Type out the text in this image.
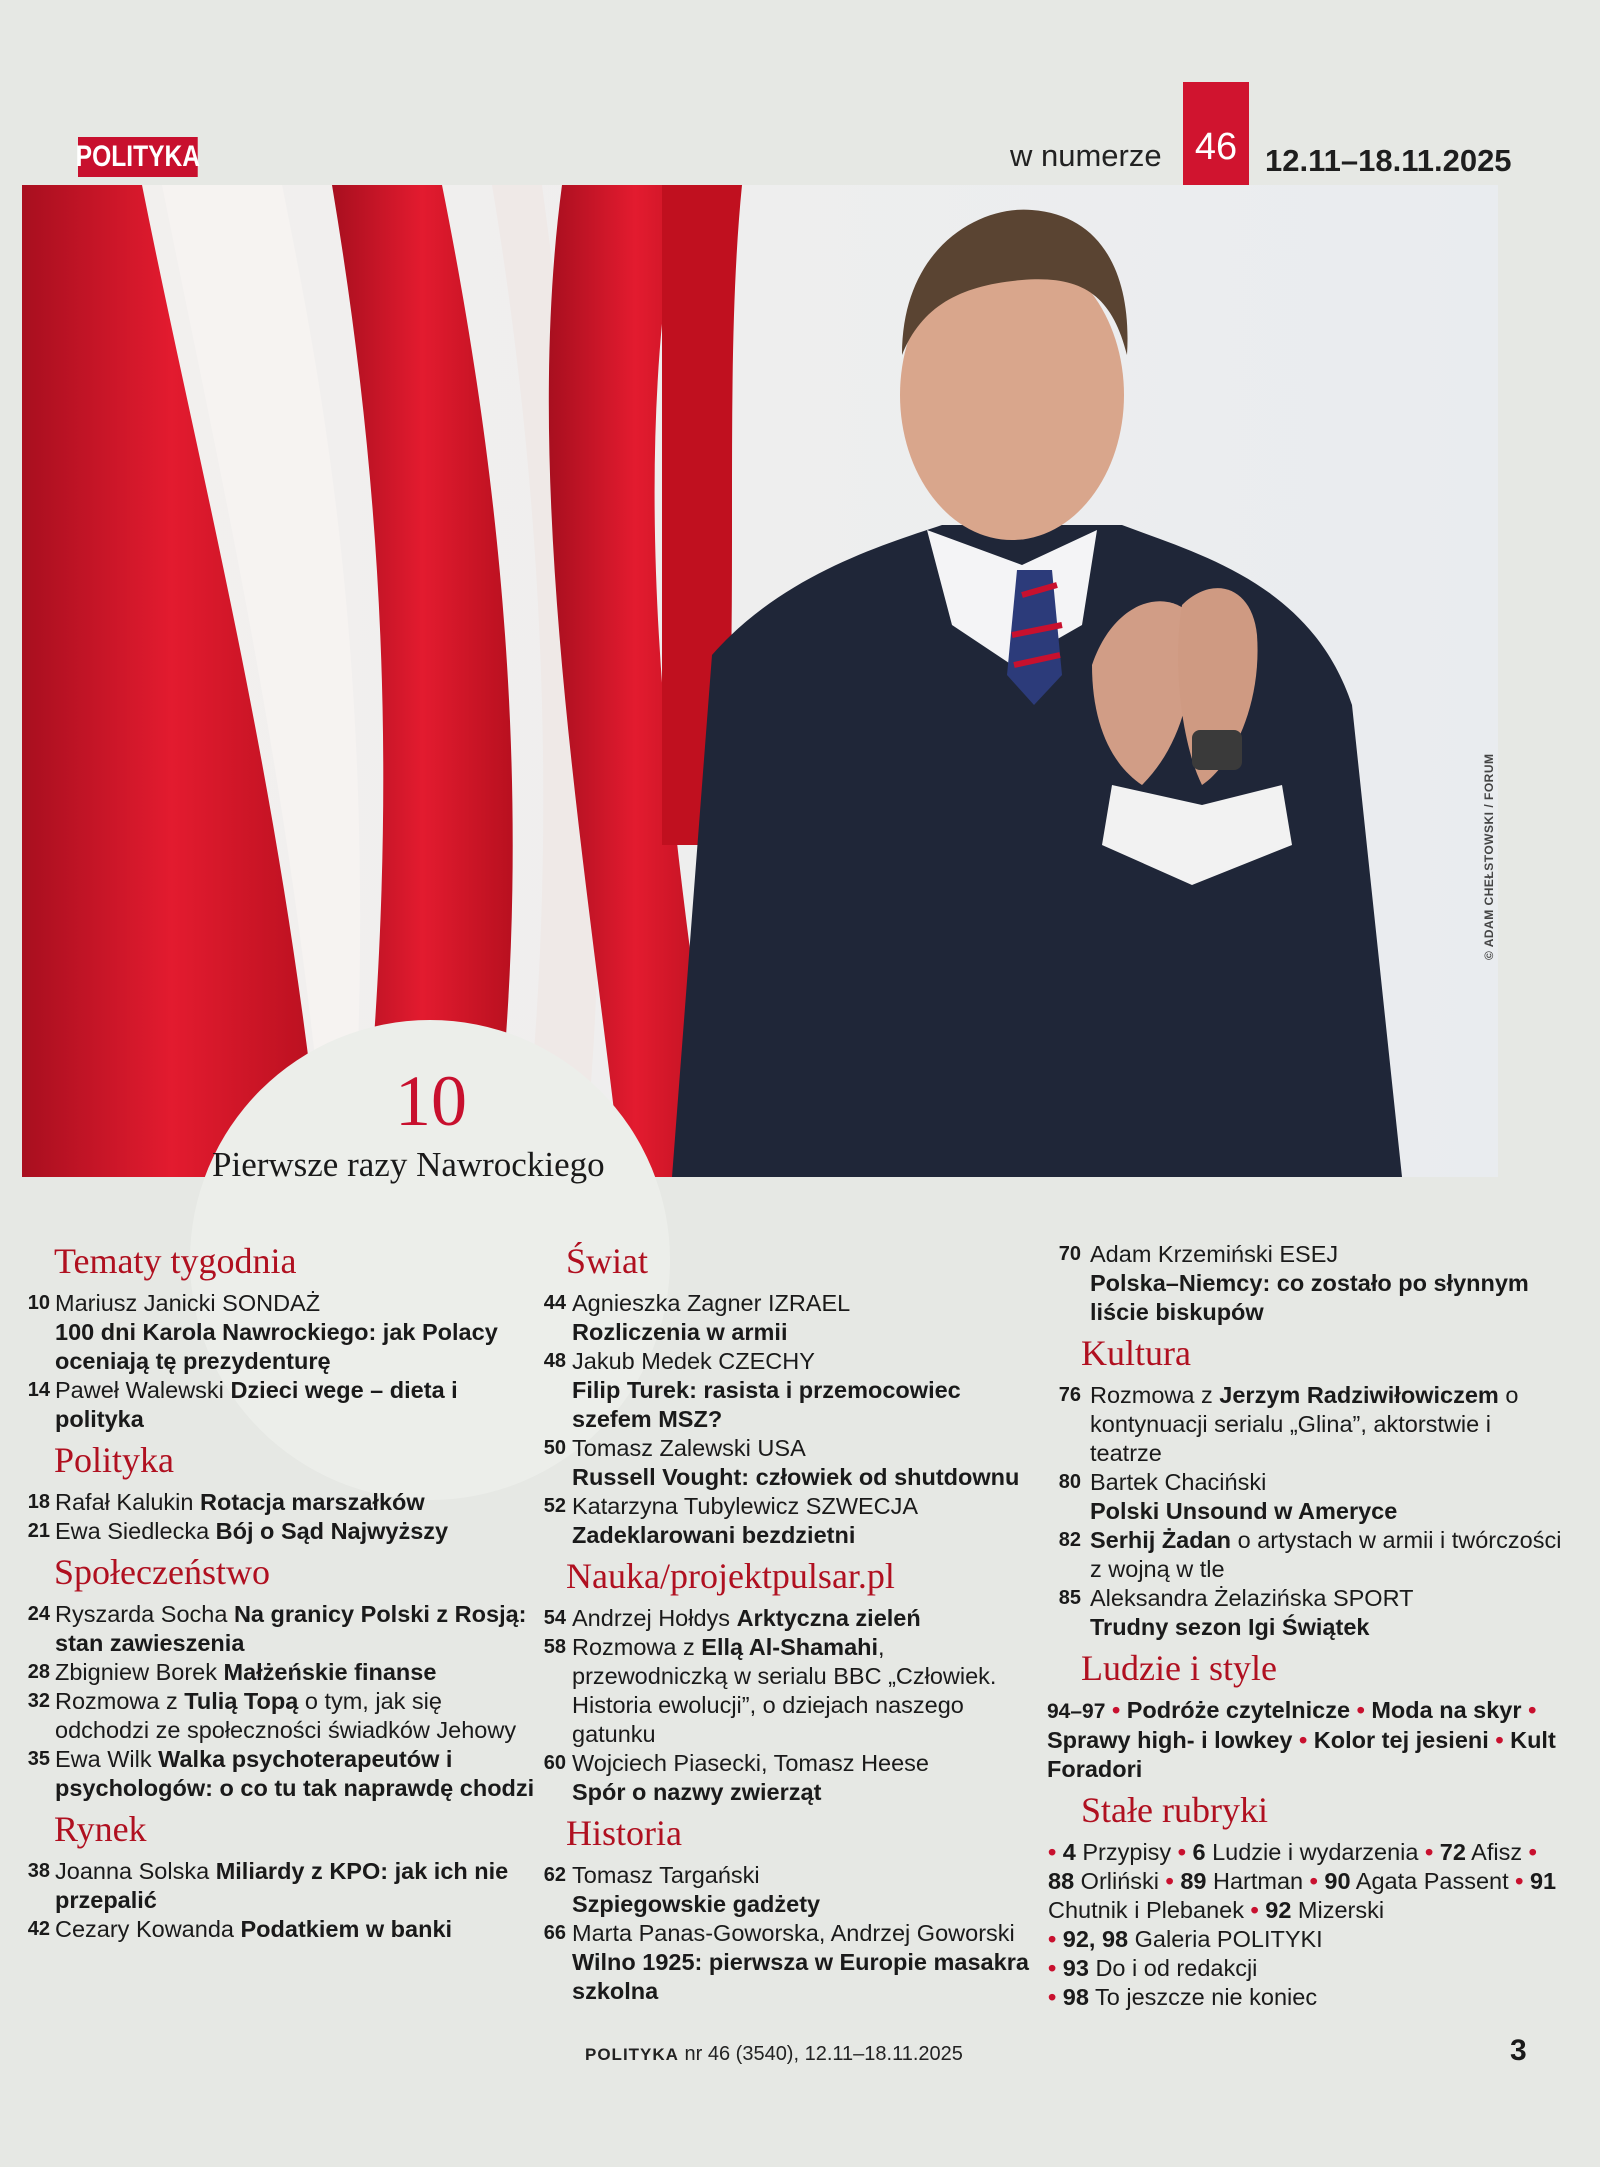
POLITYKA	w numerze 46 12.11–18.11.2025
© ADAM CHEŁSTOWSKI / FORUM
10
Pierwsze razy Nawrockiego
Tematy tygodnia
10 Mariusz Janicki SONDAŻ
100 dni Karola Nawrockiego: jak Polacy oceniają tę prezydenturę
14 Paweł Walewski Dzieci wege – dieta i polityka
Polityka
18 Rafał Kalukin Rotacja marszałków
21 Ewa Siedlecka Bój o Sąd Najwyższy
Społeczeństwo
24 Ryszarda Socha Na granicy Polski z Rosją: stan zawieszenia
28 Zbigniew Borek Małżeńskie finanse
32 Rozmowa z Tulią Topą o tym, jak się odchodzi ze społeczności świadków Jehowy
35 Ewa Wilk Walka psychoterapeutów i psychologów: o co tu tak naprawdę chodzi
Rynek
38 Joanna Solska Miliardy z KPO: jak ich nie przepalić
42 Cezary Kowanda Podatkiem w banki
Świat
44 Agnieszka Zagner IZRAEL
Rozliczenia w armii
48 Jakub Medek CZECHY
Filip Turek: rasista i przemocowiec szefem MSZ?
50 Tomasz Zalewski USA
Russell Vought: człowiek od shutdownu
52 Katarzyna Tubylewicz SZWECJA
Zadeklarowani bezdzietni
Nauka/projektpulsar.pl
54 Andrzej Hołdys Arktyczna zieleń
58 Rozmowa z Ellą Al-Shamahi, przewodniczką w serialu BBC „Człowiek. Historia ewolucji”, o dziejach naszego gatunku
60 Wojciech Piasecki, Tomasz Heese
Spór o nazwy zwierząt
Historia
62 Tomasz Targański
Szpiegowskie gadżety
66 Marta Panas-Goworska, Andrzej Goworski Wilno 1925: pierwsza w Europie masakra szkolna
70 Adam Krzemiński ESEJ
Polska–Niemcy: co zostało po słynnym liście biskupów
Kultura
76 Rozmowa z Jerzym Radziwiłowiczem o kontynuacji serialu „Glina”, aktorstwie i teatrze
80 Bartek Chaciński
Polski Unsound w Ameryce
82 Serhij Żadan o artystach w armii i twórczości z wojną w tle
85 Aleksandra Żelazińska SPORT
Trudny sezon Igi Świątek
Ludzie i style
94–97 • Podróże czytelnicze • Moda na skyr • Sprawy high- i lowkey • Kolor tej jesieni • Kult Foradori
Stałe rubryki
• 4 Przypisy • 6 Ludzie i wydarzenia • 72 Afisz • 88 Orliński • 89 Hartman • 90 Agata Passent • 91 Chutnik i Plebanek • 92 Mizerski
• 92, 98 Galeria POLITYKI
• 93 Do i od redakcji
• 98 To jeszcze nie koniec
POLITYKA nr 46 (3540), 12.11–18.11.2025	3
